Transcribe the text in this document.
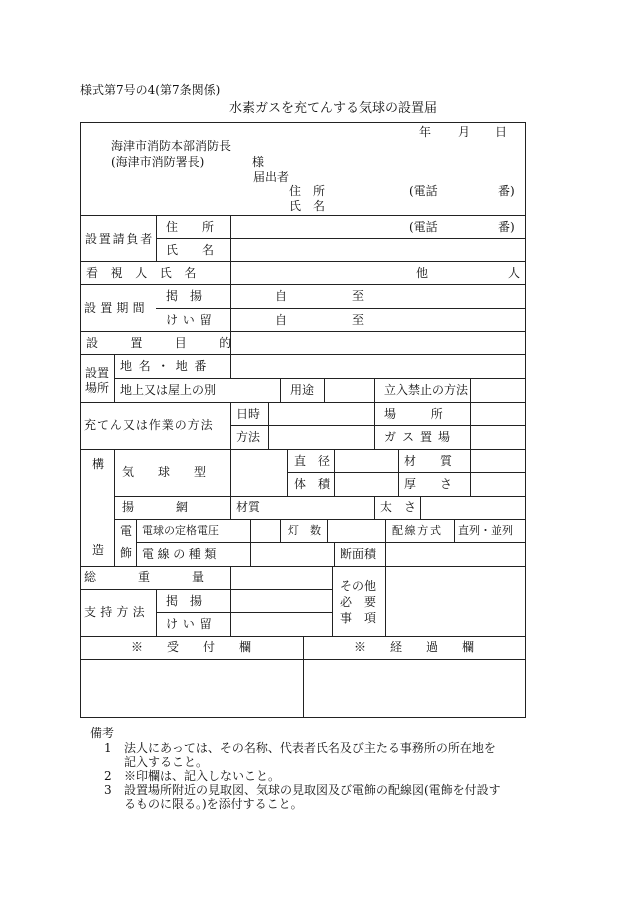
様式第7号の4(第7条関係)
水素ガスを充てんする気球の設置届
年 月 日
海津市消防本部消防長
(海津市消防署長)	様
届出者
住　所	(電話	番)
氏　名
設置請負者
住　　所	(電話	番)
氏　　名
看視人氏名	他	人
設置期間
掲　揚	自	至
けい留	自	至
設置目的
設置
場所
地名・地番
地上又は屋上の別	用途	立入禁止の方法
充てん又は作業の方法
日時	場　　所
方法	ガス置場
構
造
気　球　型
直　径	材　　質
体　積	厚　　さ
揚　　網	材質	太　さ
電
飾
電球の定格電圧	灯　数	配線方式 直列・並列
電線の種類	断面積
総　　重　　量
支持方法
掲　揚
けい留
その他
必　要
事　項
※　　受　　付　　欄	※　　経　　過　　欄
備考
1 法人にあっては、その名称、代表者氏名及び主たる事務所の所在地を
記入すること。
2 ※印欄は、記入しないこと。
3 設置場所附近の見取図、気球の見取図及び電飾の配線図(電飾を付設す
るものに限る。)を添付すること。
